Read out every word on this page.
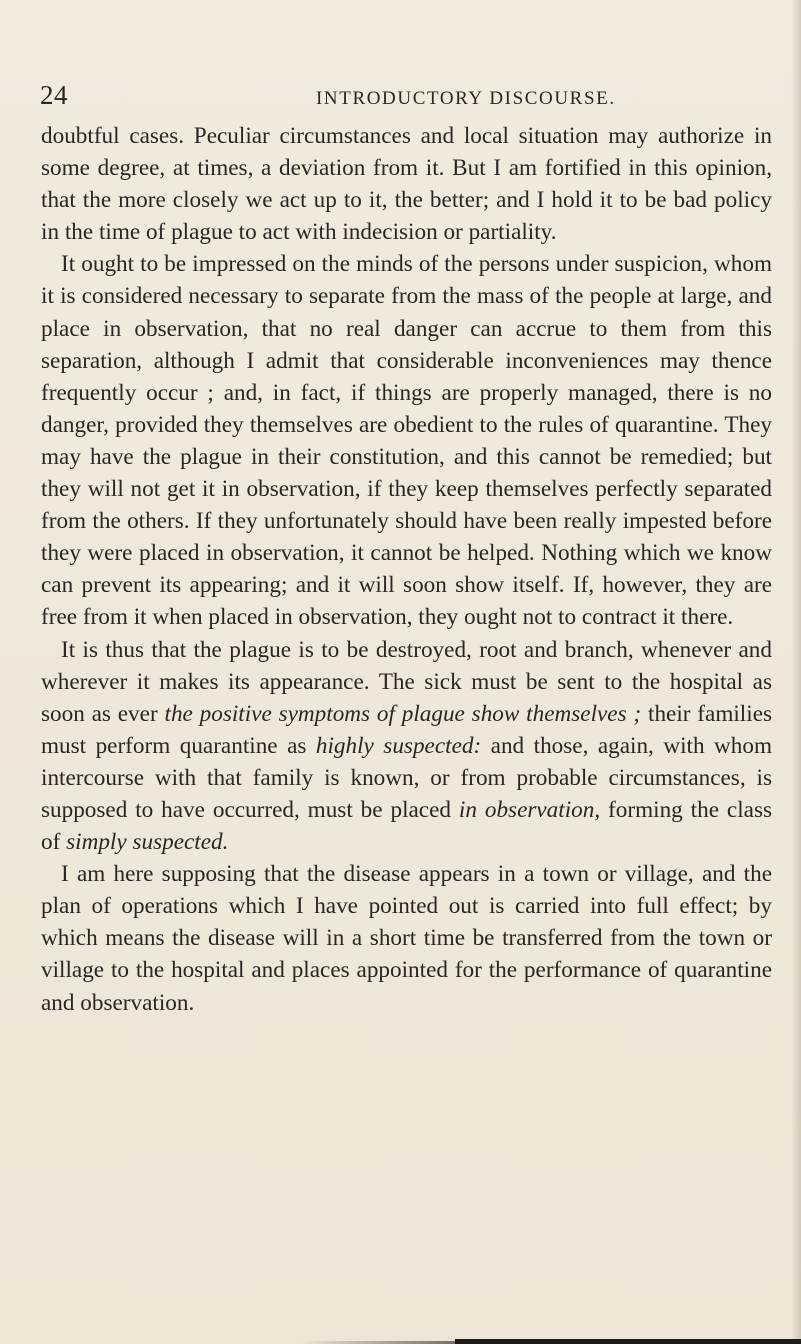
24	INTRODUCTORY DISCOURSE.

doubtful cases. Peculiar circumstances and local situation may authorize in some degree, at times, a deviation from it. But I am fortified in this opinion, that the more closely we act up to it, the better; and I hold it to be bad policy in the time of plague to act with indecision or partiality.

It ought to be impressed on the minds of the persons under suspicion, whom it is considered necessary to separate from the mass of the people at large, and place in observation, that no real danger can accrue to them from this separation, although I admit that considerable inconveniences may thence frequently occur ; and, in fact, if things are properly managed, there is no danger, provided they themselves are obedient to the rules of quarantine. They may have the plague in their constitution, and this cannot be remedied; but they will not get it in observation, if they keep themselves perfectly separated from the others. If they unfortunately should have been really impested before they were placed in observation, it cannot be helped. Nothing which we know can prevent its appearing; and it will soon show itself. If, however, they are free from it when placed in observation, they ought not to contract it there.

It is thus that the plague is to be destroyed, root and branch, whenever and wherever it makes its appearance. The sick must be sent to the hospital as soon as ever the positive symptoms of plague show themselves ; their families must perform quarantine as highly suspected: and those, again, with whom intercourse with that family is known, or from probable circumstances, is supposed to have occurred, must be placed in observation, forming the class of simply suspected.

I am here supposing that the disease appears in a town or village, and the plan of operations which I have pointed out is carried into full effect; by which means the disease will in a short time be transferred from the town or village to the hospital and places appointed for the performance of quarantine and observation.
